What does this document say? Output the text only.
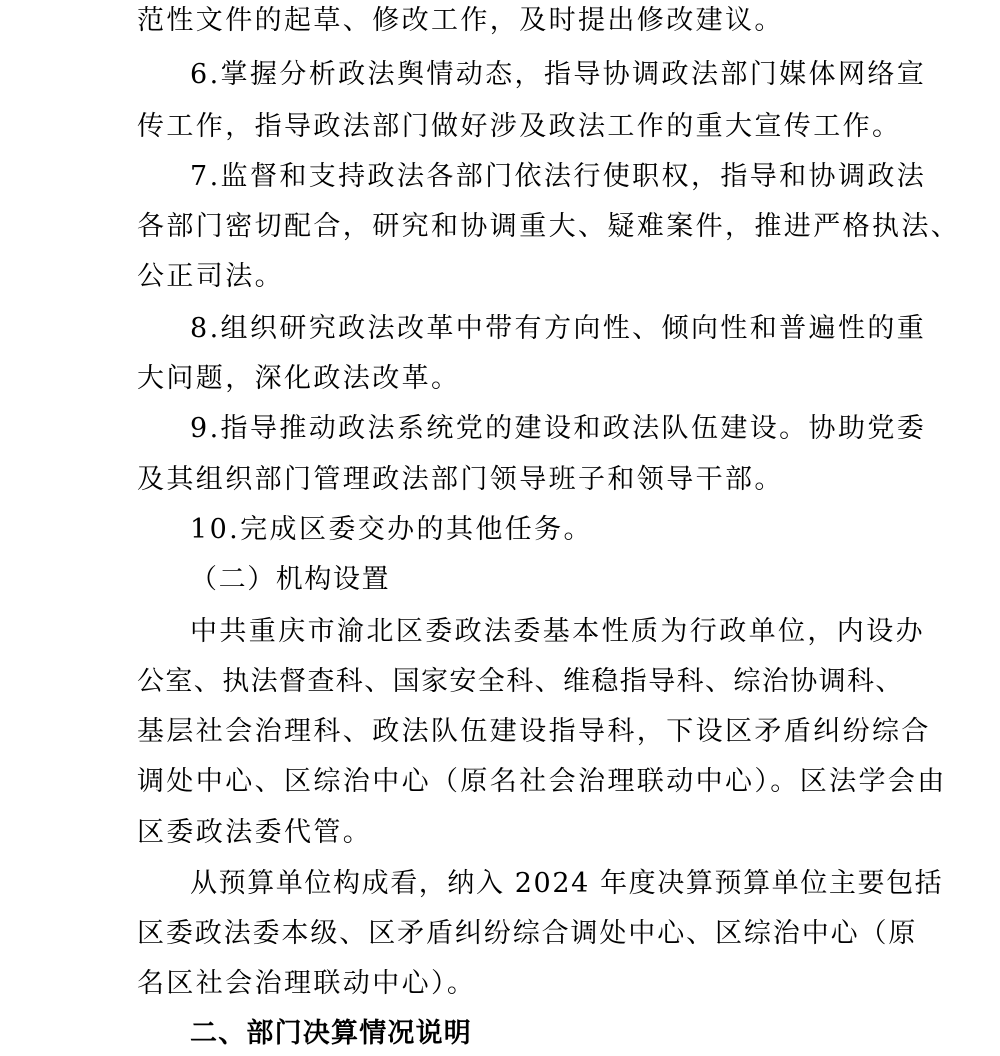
范性文件的起草、修改工作，及时提出修改建议。
6.掌握分析政法舆情动态，指导协调政法部门媒体网络宣
传工作，指导政法部门做好涉及政法工作的重大宣传工作。
7.监督和支持政法各部门依法行使职权，指导和协调政法
各部门密切配合，研究和协调重大、疑难案件，推进严格执法、
公正司法。
8.组织研究政法改革中带有方向性、倾向性和普遍性的重
大问题，深化政法改革。
9.指导推动政法系统党的建设和政法队伍建设。协助党委
及其组织部门管理政法部门领导班子和领导干部。
10.完成区委交办的其他任务。
（二）机构设置
中共重庆市渝北区委政法委基本性质为行政单位，内设办
公室、执法督查科、国家安全科、维稳指导科、综治协调科、
基层社会治理科、政法队伍建设指导科，下设区矛盾纠纷综合
调处中心、区综治中心（原名社会治理联动中心）。区法学会由
区委政法委代管。
从预算单位构成看，纳入 2024 年度决算预算单位主要包括
区委政法委本级、区矛盾纠纷综合调处中心、区综治中心（原
名区社会治理联动中心）。
二、部门决算情况说明
